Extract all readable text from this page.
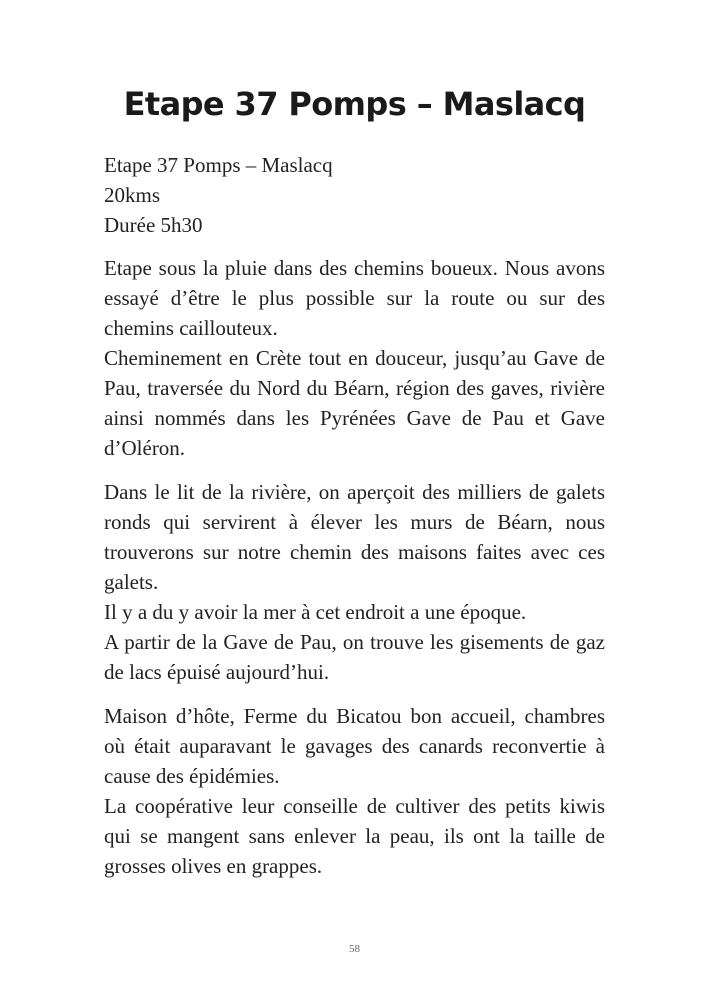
Etape 37 Pomps – Maslacq
Etape 37 Pomps – Maslacq
20kms
Durée 5h30
Etape sous la pluie dans des chemins boueux. Nous avons essayé d’être le plus possible sur la route ou sur des chemins caillouteux.
Cheminement en Crète tout en douceur, jusqu’au Gave de Pau, traversée du Nord du Béarn, région des gaves, rivière ainsi nommés dans les Pyrénées Gave de Pau et Gave d’Oléron.
Dans le lit de la rivière, on aperçoit des milliers de galets ronds qui servirent à élever les murs de Béarn, nous trouverons sur notre chemin des maisons faites avec ces galets.
Il y a du y avoir la mer à cet endroit a une époque.
A partir de la Gave de Pau, on trouve les gisements de gaz de lacs épuisé aujourd’hui.
Maison d’hôte, Ferme du Bicatou bon accueil, chambres où était auparavant le gavages des canards reconvertie à cause des épidémies.
La coopérative leur conseille de cultiver des petits kiwis qui se mangent sans enlever la peau, ils ont la taille de grosses olives en grappes.
58
